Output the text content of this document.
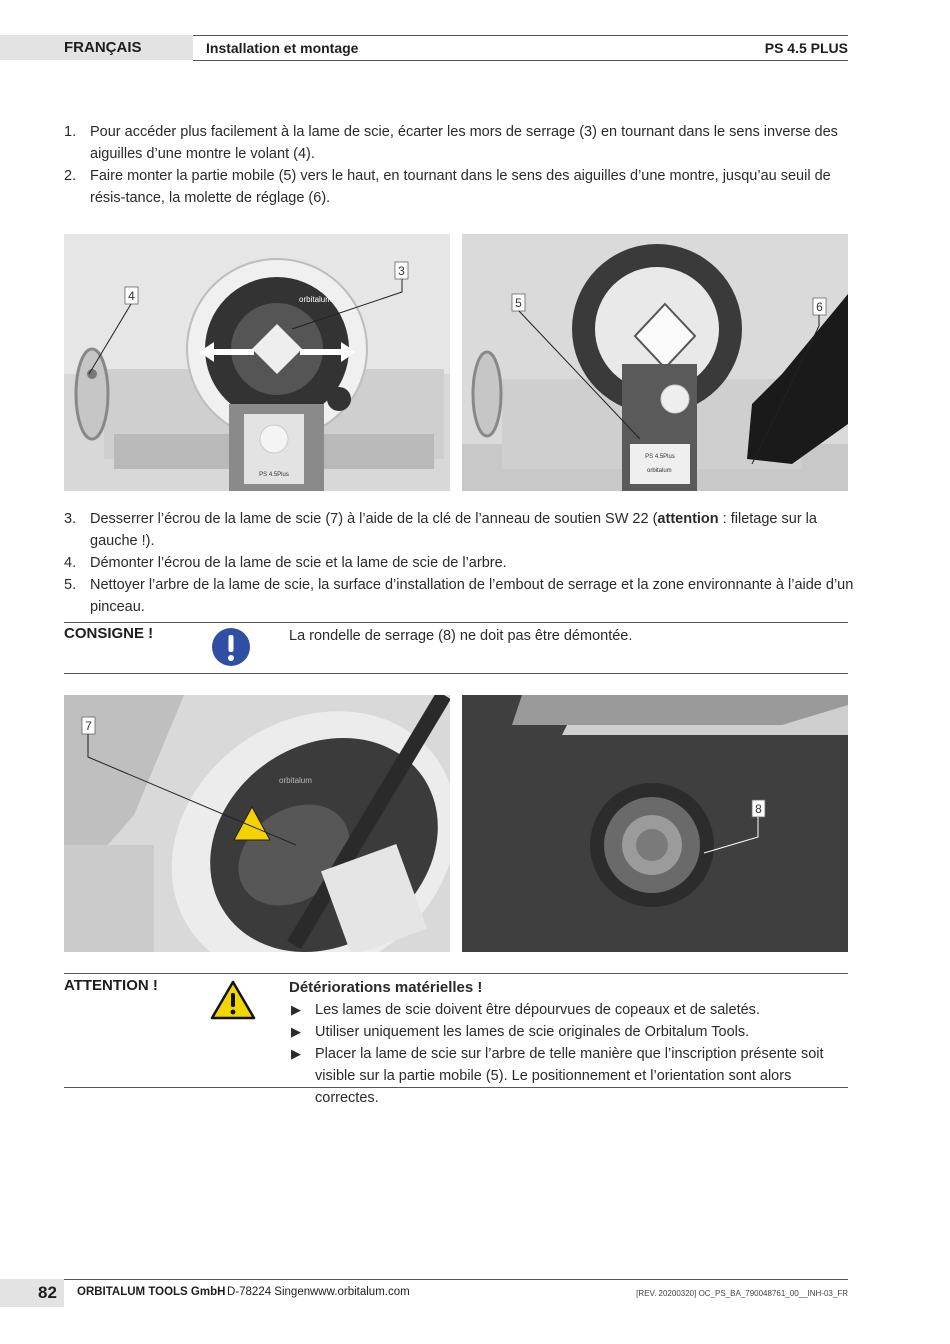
FRANÇAIS	Installation et montage	PS 4.5 PLUS
1. Pour accéder plus facilement à la lame de scie, écarter les mors de serrage (3) en tournant dans le sens inverse des aiguilles d’une montre le volant (4).
2. Faire monter la partie mobile (5) vers le haut, en tournant dans le sens des aiguilles d’une montre, jusqu’au seuil de résis-tance, la molette de réglage (6).
PS 4.5Plus
orbitalum
4
3
PS 4.5Plus
orbitalum
5	6
3. Desserrer l’écrou de la lame de scie (7) à l’aide de la clé de l’anneau de soutien SW 22 (attention : filetage sur la gauche !).
4. Démonter l’écrou de la lame de scie et la lame de scie de l’arbre.
5. Nettoyer l’arbre de la lame de scie, la surface d’installation de l’embout de serrage et la zone environnante à l’aide d’un pinceau.
CONSIGNE !	La rondelle de serrage (8) ne doit pas être démontée.
orbitalum
7
8
ATTENTION !	Détériorations matérielles !
▶ Les lames de scie doivent être dépourvues de copeaux et de saletés.
▶ Utiliser uniquement les lames de scie originales de Orbitalum Tools.
▶ Placer la lame de scie sur l’arbre de telle manière que l’inscription présente soit visible sur la partie mobile (5). Le positionnement et l’orientation sont alors correctes.
82 ORBITALUM TOOLS GmbH D-78224 Singen www.orbitalum.com	[REV. 20200320] OC_PS_BA_790048761_00__INH-03_FR
